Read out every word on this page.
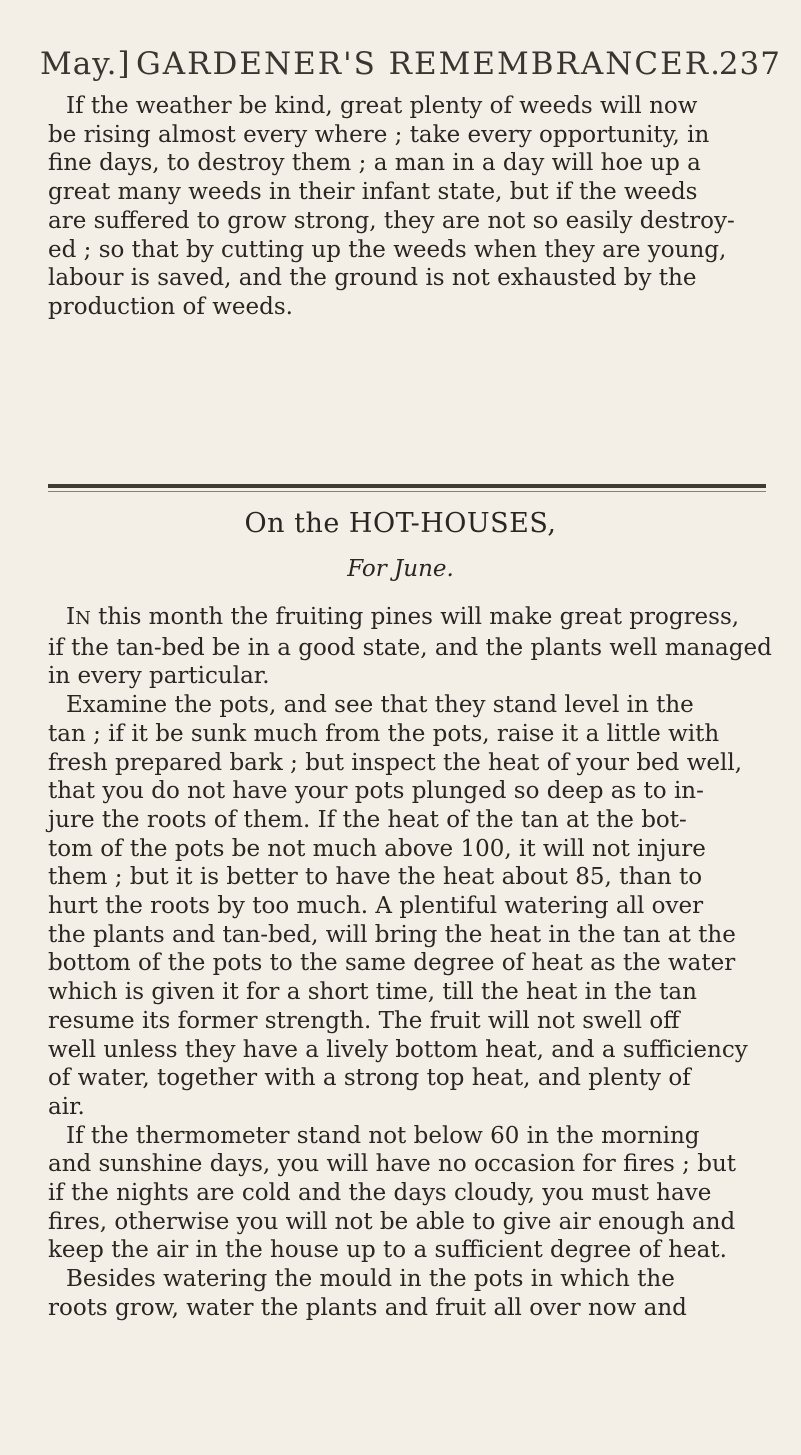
May.] GARDENER'S REMEMBRANCER.
237
If the weather be kind, great plenty of weeds will now
be rising almost every where ; take every opportunity, in
fine days, to destroy them ; a man in a day will hoe up a
great many weeds in their infant state, but if the weeds
are suffered to grow strong, they are not so easily destroy-
ed ; so that by cutting up the weeds when they are young,
labour is saved, and the ground is not exhausted by the
production of weeds.
On the HOT-HOUSES,
For June.
IN this month the fruiting pines will make great progress,
if the tan-bed be in a good state, and the plants well managed
in every particular.
Examine the pots, and see that they stand level in the
tan ; if it be sunk much from the pots, raise it a little with
fresh prepared bark ; but inspect the heat of your bed well,
that you do not have your pots plunged so deep as to in-
jure the roots of them. If the heat of the tan at the bot-
tom of the pots be not much above 100, it will not injure
them ; but it is better to have the heat about 85, than to
hurt the roots by too much. A plentiful watering all over
the plants and tan-bed, will bring the heat in the tan at the
bottom of the pots to the same degree of heat as the water
which is given it for a short time, till the heat in the tan
resume its former strength. The fruit will not swell off
well unless they have a lively bottom heat, and a sufficiency
of water, together with a strong top heat, and plenty of
air.
If the thermometer stand not below 60 in the morning
and sunshine days, you will have no occasion for fires ; but
if the nights are cold and the days cloudy, you must have
fires, otherwise you will not be able to give air enough and
keep the air in the house up to a sufficient degree of heat.
Besides watering the mould in the pots in which the
roots grow, water the plants and fruit all over now and
